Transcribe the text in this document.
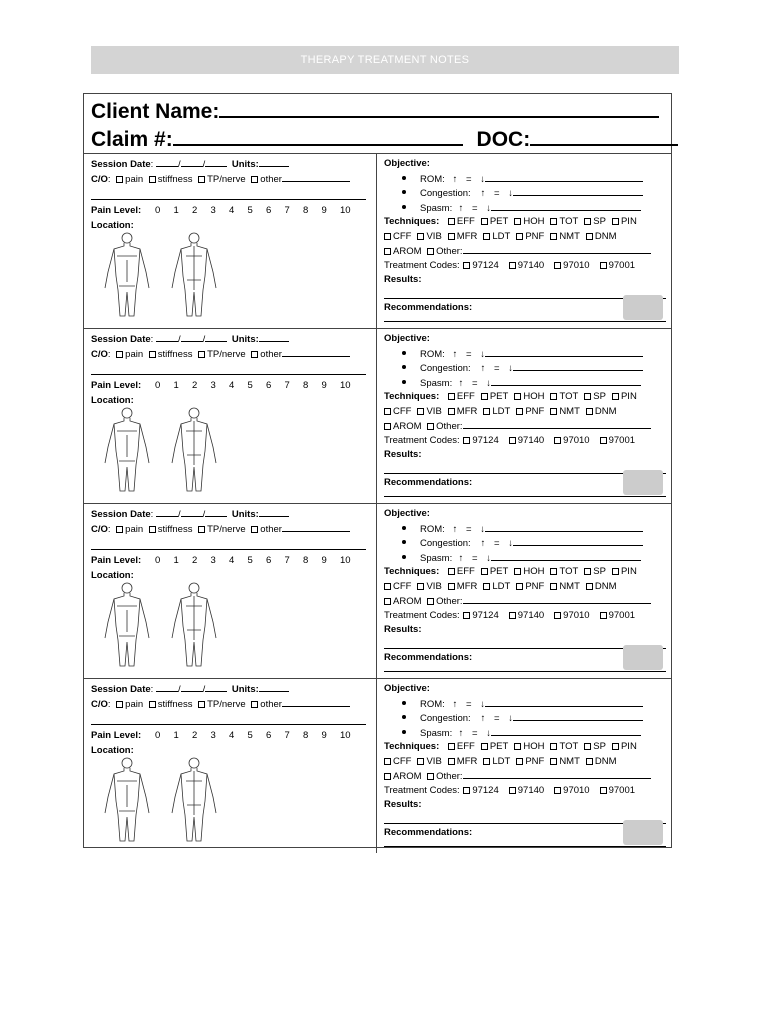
THERAPY TREATMENT NOTES
Client Name:
Claim #:	DOC:
Session Date: / /	Units:
C/O: pain stiffness TP/nerve other
Pain Level: 0 1 2 3 4 5 6 7 8 9 10
Location:
Objective:
ROM: ↑ = ↓
Congestion: ↑ = ↓
Spasm: ↑ = ↓
Techniques: EFF PET HOH TOT SP PIN
CFF VIB MFR LDT PNF NMT DNM
AROM Other:
Treatment Codes: 97124 97140 97010 97001
Results:
Recommendations:
Session Date: / /	Units:
C/O: pain stiffness TP/nerve other
Pain Level: 0 1 2 3 4 5 6 7 8 9 10
Location:
Objective:
ROM: ↑ = ↓
Congestion: ↑ = ↓
Spasm: ↑ = ↓
Techniques: EFF PET HOH TOT SP PIN
CFF VIB MFR LDT PNF NMT DNM
AROM Other:
Treatment Codes: 97124 97140 97010 97001
Results:
Recommendations:
Session Date: / /	Units:
C/O: pain stiffness TP/nerve other
Pain Level: 0 1 2 3 4 5 6 7 8 9 10
Location:
Objective:
ROM: ↑ = ↓
Congestion: ↑ = ↓
Spasm: ↑ = ↓
Techniques: EFF PET HOH TOT SP PIN
CFF VIB MFR LDT PNF NMT DNM
AROM Other:
Treatment Codes: 97124 97140 97010 97001
Results:
Recommendations:
Session Date: / /	Units:
C/O: pain stiffness TP/nerve other
Pain Level: 0 1 2 3 4 5 6 7 8 9 10
Location:
Objective:
ROM: ↑ = ↓
Congestion: ↑ = ↓
Spasm: ↑ = ↓
Techniques: EFF PET HOH TOT SP PIN
CFF VIB MFR LDT PNF NMT DNM
AROM Other:
Treatment Codes: 97124 97140 97010 97001
Results:
Recommendations:
